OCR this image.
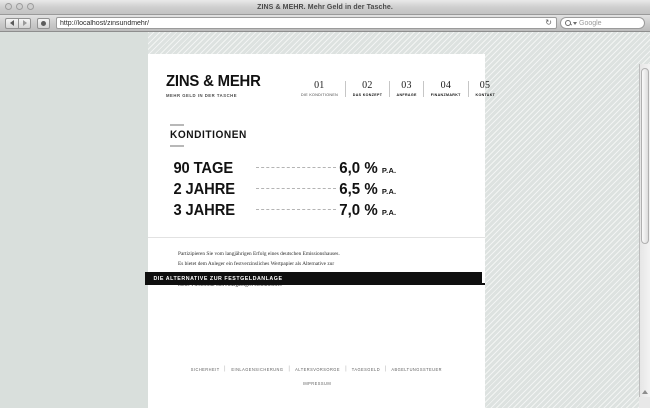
ZINS & MEHR. Mehr Geld in der Tasche.
http://localhost/zinsundmehr/	↻	Google
ZINS & MEHR
MEHR GELD IN DER TASCHE
01
DIE KONDITIONEN
02
DAS KONZEPT
03
ANFRAGE
04
FINANZMARKT
05
KONTAKT
KONDITIONEN
90 TAGE	6,0 % P.A.
2 JAHRE	6,5 % P.A.
3 JAHRE	7,0 % P.A.
Partizipieren Sie vom langjährigen Erfolg eines deutschen Emissionshauses.
Es bietet dem Anleger ein festverzinsliches Wertpapier als Alternative zur
DIE ALTERNATIVE ZUR FESTGELDANLAGE
SICHERHEIT |	EINLAGENSICHERUNG |	ALTERSVORSORGE |	TAGESGELD |	ABGELTUNGSSTEUER
IMPRESSUM
